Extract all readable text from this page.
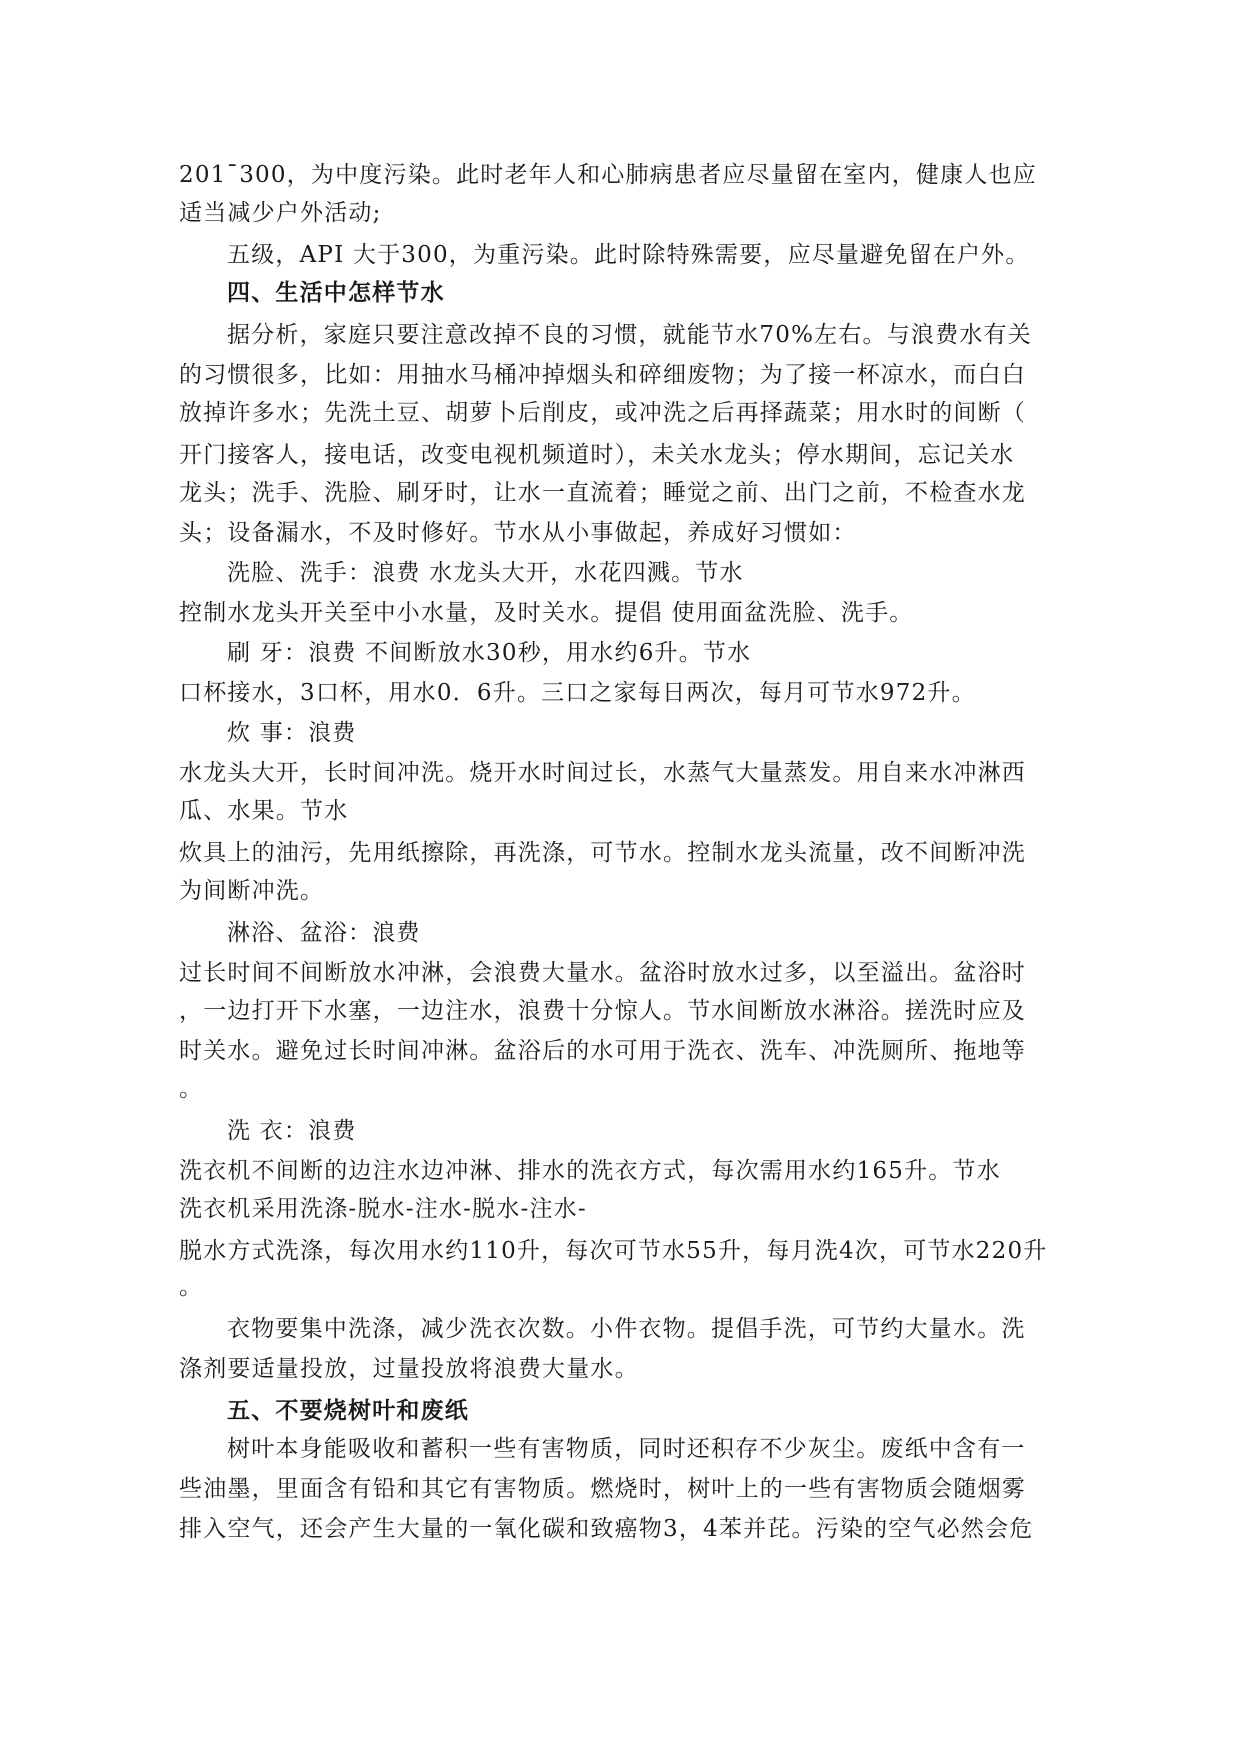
201¯300，为中度污染。此时老年人和心肺病患者应尽量留在室内，健康人也应
适当减少户外活动;
五级，API 大于300，为重污染。此时除特殊需要，应尽量避免留在户外。
四、生活中怎样节水
据分析，家庭只要注意改掉不良的习惯，就能节水70%左右。与浪费水有关
的习惯很多，比如：用抽水马桶冲掉烟头和碎细废物；为了接一杯凉水，而白白
放掉许多水；先洗土豆、胡萝卜后削皮，或冲洗之后再择蔬菜；用水时的间断（
开门接客人，接电话，改变电视机频道时），未关水龙头；停水期间，忘记关水
龙头；洗手、洗脸、刷牙时，让水一直流着；睡觉之前、出门之前，不检查水龙
头；设备漏水，不及时修好。节水从小事做起，养成好习惯如：
洗脸、洗手：浪费 水龙头大开，水花四溅。节水
控制水龙头开关至中小水量，及时关水。提倡 使用面盆洗脸、洗手。
刷 牙：浪费 不间断放水30秒，用水约6升。节水
口杯接水，3口杯，用水0．6升。三口之家每日两次，每月可节水972升。
炊 事：浪费
水龙头大开，长时间冲洗。烧开水时间过长，水蒸气大量蒸发。用自来水冲淋西
瓜、水果。节水
炊具上的油污，先用纸擦除，再洗涤，可节水。控制水龙头流量，改不间断冲洗
为间断冲洗。
淋浴、盆浴：浪费
过长时间不间断放水冲淋，会浪费大量水。盆浴时放水过多，以至溢出。盆浴时
，一边打开下水塞，一边注水，浪费十分惊人。节水间断放水淋浴。搓洗时应及
时关水。避免过长时间冲淋。盆浴后的水可用于洗衣、洗车、冲洗厕所、拖地等
。
洗 衣：浪费
洗衣机不间断的边注水边冲淋、排水的洗衣方式，每次需用水约165升。节水
洗衣机采用洗涤-脱水-注水-脱水-注水-
脱水方式洗涤，每次用水约110升，每次可节水55升，每月洗4次，可节水220升
。
衣物要集中洗涤，减少洗衣次数。小件衣物。提倡手洗，可节约大量水。洗
涤剂要适量投放，过量投放将浪费大量水。
五、不要烧树叶和废纸
树叶本身能吸收和蓄积一些有害物质，同时还积存不少灰尘。废纸中含有一
些油墨，里面含有铅和其它有害物质。燃烧时，树叶上的一些有害物质会随烟雾
排入空气，还会产生大量的一氧化碳和致癌物3，4苯并芘。污染的空气必然会危
